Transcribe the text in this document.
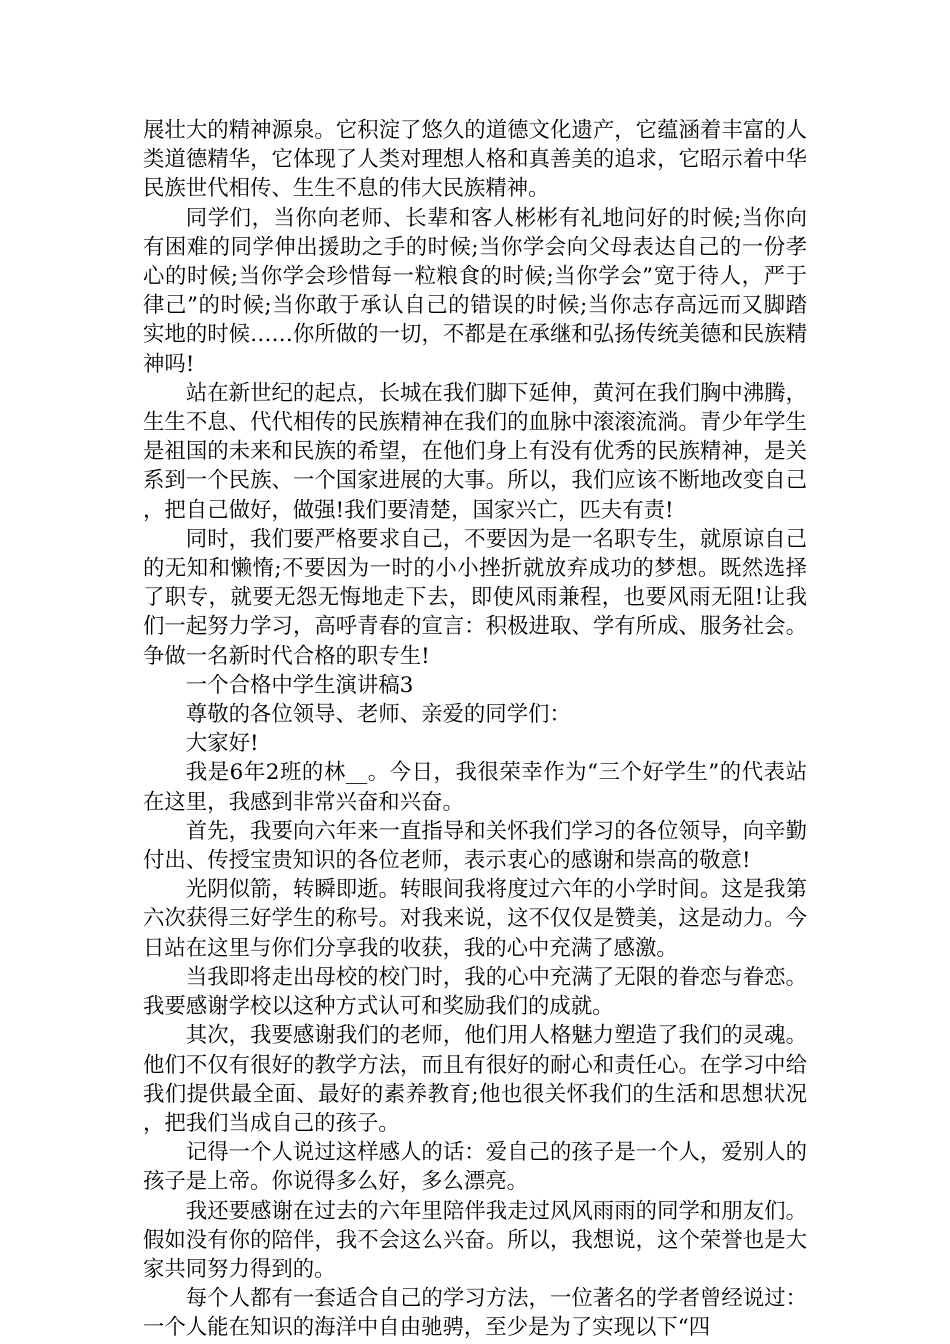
展壮大的精神源泉。它积淀了悠久的道德文化遗产，它蕴涵着丰富的人类道德精华，它体现了人类对理想人格和真善美的追求，它昭示着中华民族世代相传、生生不息的伟大民族精神。

同学们，当你向老师、长辈和客人彬彬有礼地问好的时候;当你向有困难的同学伸出援助之手的时候;当你学会向父母表达自己的一份孝心的时候;当你学会珍惜每一粒粮食的时候;当你学会”宽于待人，严于律己”的时候;当你敢于承认自己的错误的时候;当你志存高远而又脚踏实地的时候……你所做的一切，不都是在承继和弘扬传统美德和民族精神吗!

站在新世纪的起点，长城在我们脚下延伸，黄河在我们胸中沸腾，生生不息、代代相传的民族精神在我们的血脉中滚滚流淌。青少年学生是祖国的未来和民族的希望，在他们身上有没有优秀的民族精神，是关系到一个民族、一个国家进展的大事。所以，我们应该不断地改变自己，把自己做好，做强!我们要清楚，国家兴亡，匹夫有责!

同时，我们要严格要求自己，不要因为是一名职专生，就原谅自己的无知和懒惰;不要因为一时的小小挫折就放弃成功的梦想。既然选择了职专，就要无怨无悔地走下去，即使风雨兼程，也要风雨无阻!让我们一起努力学习，高呼青春的宣言：积极进取、学有所成、服务社会。争做一名新时代合格的职专生!

一个合格中学生演讲稿3

尊敬的各位领导、老师、亲爱的同学们：

大家好!

我是6年2班的林__。今日，我很荣幸作为“三个好学生”的代表站在这里，我感到非常兴奋和兴奋。

首先，我要向六年来一直指导和关怀我们学习的各位领导，向辛勤付出、传授宝贵知识的各位老师，表示衷心的感谢和崇高的敬意!

光阴似箭，转瞬即逝。转眼间我将度过六年的小学时间。这是我第六次获得三好学生的称号。对我来说，这不仅仅是赞美，这是动力。今日站在这里与你们分享我的收获，我的心中充满了感激。

当我即将走出母校的校门时，我的心中充满了无限的眷恋与眷恋。我要感谢学校以这种方式认可和奖励我们的成就。

其次，我要感谢我们的老师，他们用人格魅力塑造了我们的灵魂。他们不仅有很好的教学方法，而且有很好的耐心和责任心。在学习中给我们提供最全面、最好的素养教育;他也很关怀我们的生活和思想状况，把我们当成自己的孩子。

记得一个人说过这样感人的话：爱自己的孩子是一个人，爱别人的孩子是上帝。你说得多么好，多么漂亮。

我还要感谢在过去的六年里陪伴我走过风风雨雨的同学和朋友们。假如没有你的陪伴，我不会这么兴奋。所以，我想说，这个荣誉也是大家共同努力得到的。

每个人都有一套适合自己的学习方法，一位著名的学者曾经说过：一个人能在知识的海洋中自由驰骋，至少是为了实现以下“四
